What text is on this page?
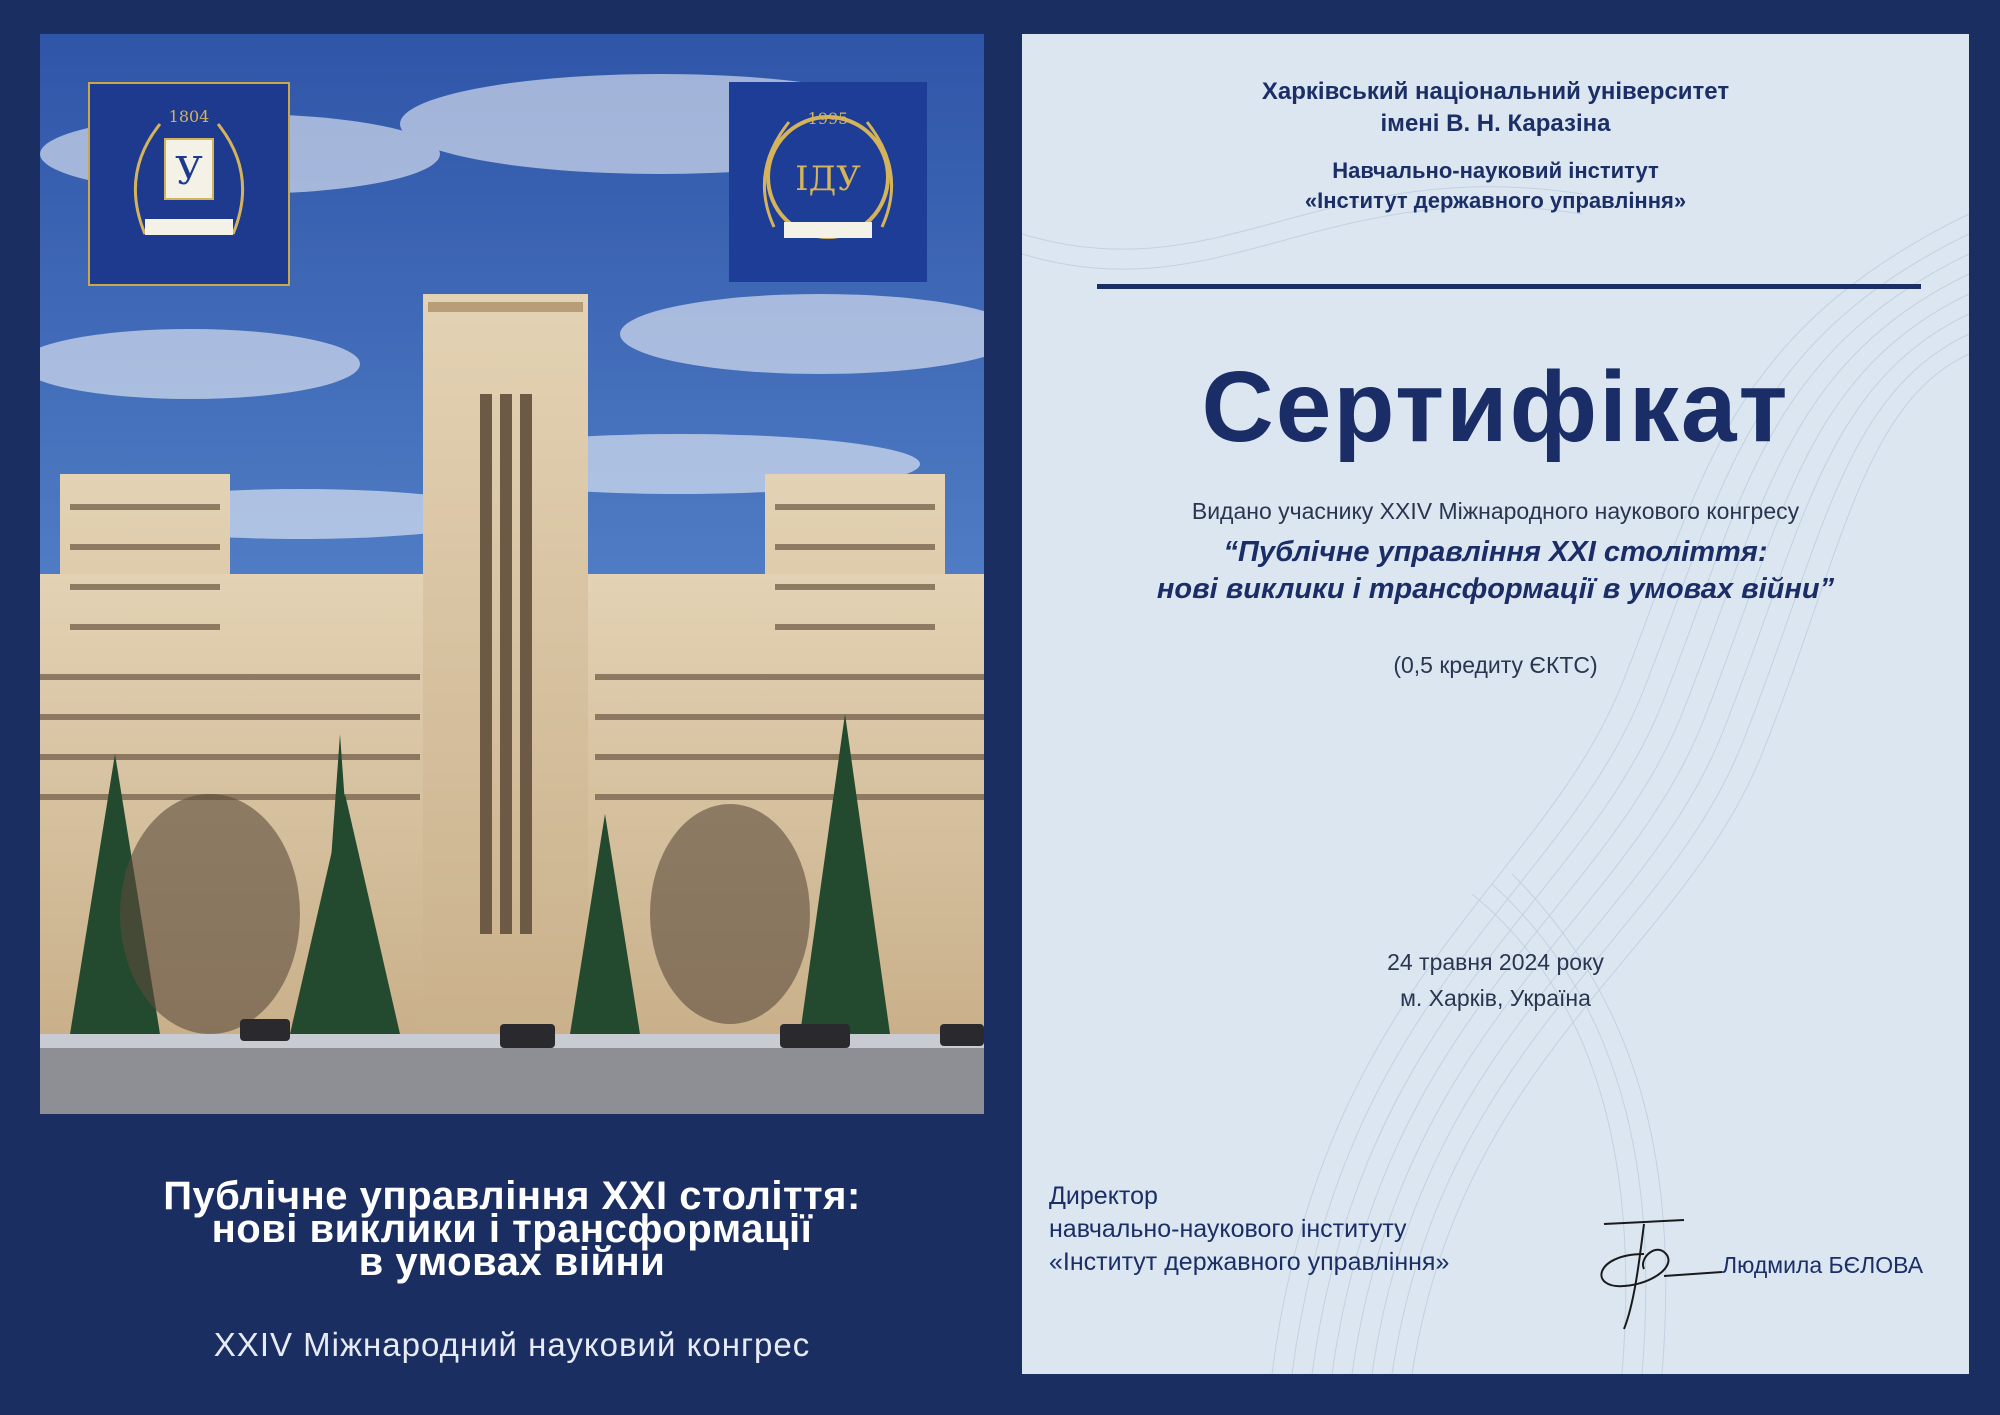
У
1804	1995
ІДУ
Публічне управління XXI століття:
нові виклики і трансформації
в умовах війни
XXIV Міжнародний науковий конгрес
Харківський національний університет
імені В. Н. Каразіна
Навчально-науковий інститут
«Інститут державного управління»
Сертифікат
Видано учаснику XXIV Міжнародного наукового конгресу
“Публічне управління XXI століття:
нові виклики і трансформації в умовах війни”
(0,5 кредиту ЄКТС)
24 травня 2024 року
м. Харків, Україна
Директор
навчально-наукового інституту
«Інститут державного управління»	Людмила БЄЛОВА
